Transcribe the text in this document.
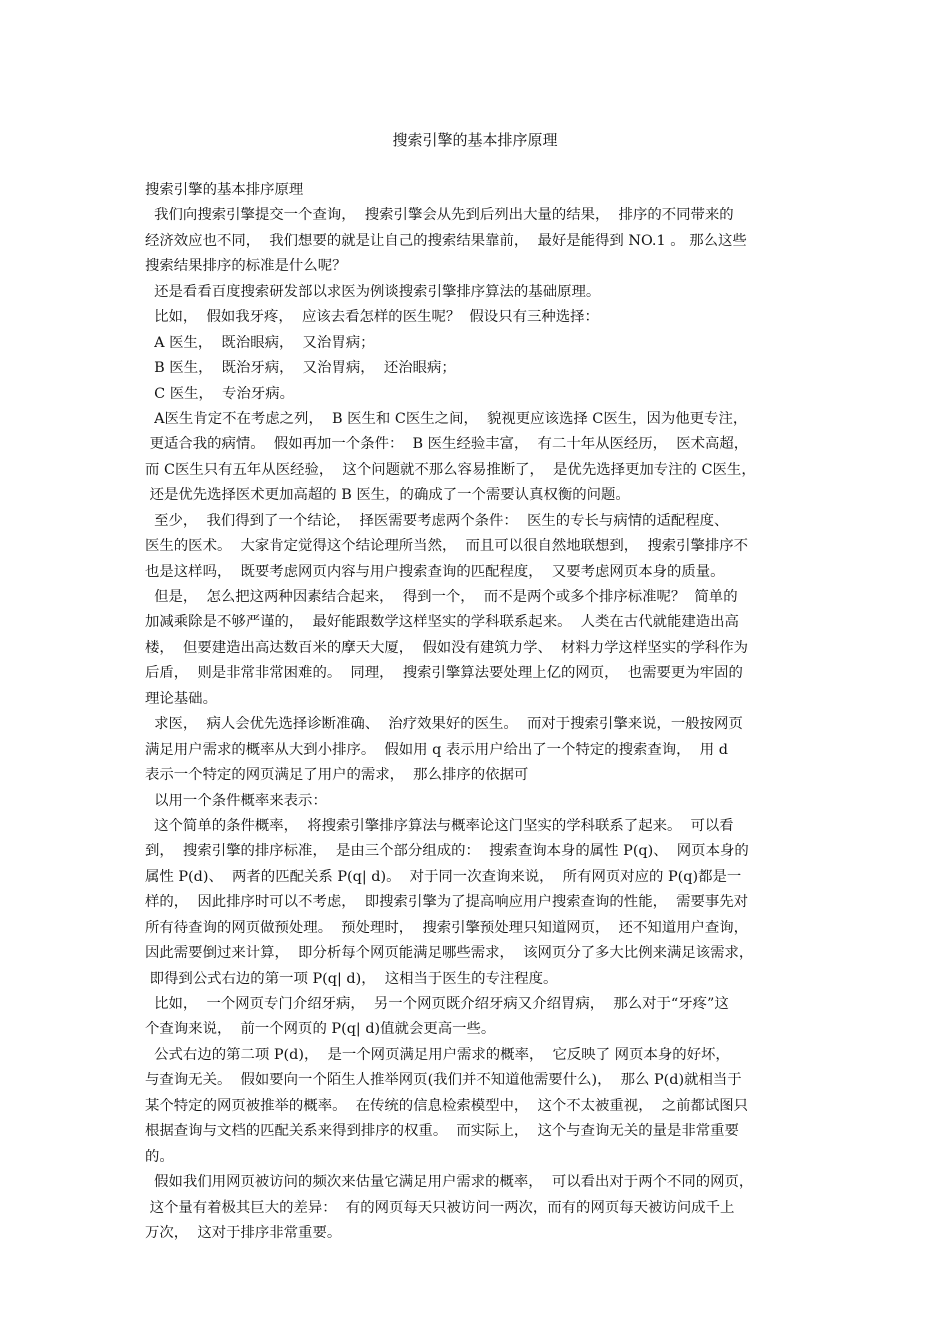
搜索引擎的基本排序原理
搜索引擎的基本排序原理
我们向搜索引擎提交一个查询，  搜索引擎会从先到后列出大量的结果，  排序的不同带来的
经济效应也不同，  我们想要的就是让自己的搜索结果靠前，  最好是能得到 NO.1 。 那么这些
搜索结果排序的标准是什么呢？
还是看看百度搜索研发部以求医为例谈搜索引擎排序算法的基础原理。
比如，  假如我牙疼，  应该去看怎样的医生呢？  假设只有三种选择：
A 医生，  既治眼病，  又治胃病；
B 医生，  既治牙病，  又治胃病，  还治眼病；
C 医生，  专治牙病。
A医生肯定不在考虑之列，  B 医生和 C医生之间，  貌视更应该选择 C医生，因为他更专注，
更适合我的病情。  假如再加一个条件：  B 医生经验丰富，  有二十年从医经历，  医术高超，
而 C医生只有五年从医经验，  这个问题就不那么容易推断了，  是优先选择更加专注的 C医生，
还是优先选择医术更加高超的 B 医生，的确成了一个需要认真权衡的问题。
至少，  我们得到了一个结论，  择医需要考虑两个条件：  医生的专长与病情的适配程度、
医生的医术。  大家肯定觉得这个结论理所当然，  而且可以很自然地联想到，  搜索引擎排序不
也是这样吗，  既要考虑网页内容与用户搜索查询的匹配程度，  又要考虑网页本身的质量。
但是，  怎么把这两种因素结合起来，  得到一个，  而不是两个或多个排序标准呢？  简单的
加减乘除是不够严谨的，  最好能跟数学这样坚实的学科联系起来。  人类在古代就能建造出高
楼，  但要建造出高达数百米的摩天大厦，  假如没有建筑力学、  材料力学这样坚实的学科作为
后盾，  则是非常非常困难的。  同理，  搜索引擎算法要处理上亿的网页，  也需要更为牢固的
理论基础。
求医，  病人会优先选择诊断准确、  治疗效果好的医生。  而对于搜索引擎来说，一般按网页
满足用户需求的概率从大到小排序。  假如用 q 表示用户给出了一个特定的搜索查询，  用 d
表示一个特定的网页满足了用户的需求，  那么排序的依据可
以用一个条件概率来表示：
这个简单的条件概率，  将搜索引擎排序算法与概率论这门坚实的学科联系了起来。  可以看
到，  搜索引擎的排序标准，  是由三个部分组成的：  搜索查询本身的属性 P(q)、  网页本身的
属性 P(d)、  两者的匹配关系 P(q| d)。  对于同一次查询来说，  所有网页对应的 P(q)都是一
样的，  因此排序时可以不考虑，  即搜索引擎为了提高响应用户搜索查询的性能，  需要事先对
所有待查询的网页做预处理。  预处理时，  搜索引擎预处理只知道网页，  还不知道用户查询，
因此需要倒过来计算，  即分析每个网页能满足哪些需求，  该网页分了多大比例来满足该需求，
即得到公式右边的第一项 P(q| d)，  这相当于医生的专注程度。
比如，  一个网页专门介绍牙病，  另一个网页既介绍牙病又介绍胃病，  那么对于“牙疼”这
个查询来说，  前一个网页的 P(q| d)值就会更高一些。
公式右边的第二项 P(d)，  是一个网页满足用户需求的概率，  它反映了 网页本身的好坏，
与查询无关。  假如要向一个陌生人推举网页(我们并不知道他需要什么)，  那么 P(d)就相当于
某个特定的网页被推举的概率。  在传统的信息检索模型中，  这个不太被重视，  之前都试图只
根据查询与文档的匹配关系来得到排序的权重。  而实际上，  这个与查询无关的量是非常重要
的。
假如我们用网页被访问的频次来估量它满足用户需求的概率，  可以看出对于两个不同的网页，
这个量有着极其巨大的差异：  有的网页每天只被访问一两次，而有的网页每天被访问成千上
万次，  这对于排序非常重要。
